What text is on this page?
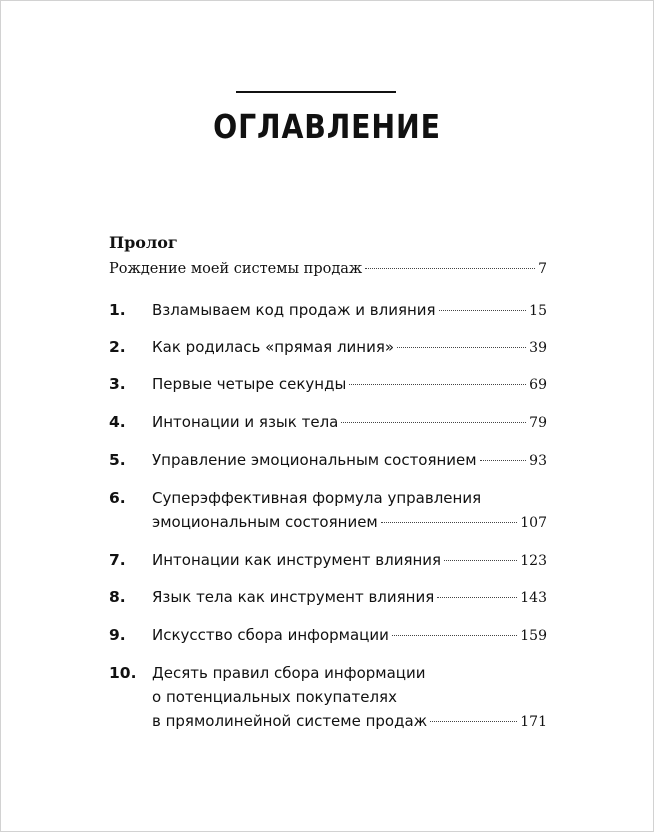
ОГЛАВЛЕНИЕ
Пролог
Рождение моей системы продаж	7
1.	Взламываем код продаж и влияния	15
2.	Как родилась «прямая линия»	39
3.	Первые четыре секунды	69
4.	Интонации и язык тела	79
5.	Управление эмоциональным состоянием	93
6.	Суперэффективная формула управления
эмоциональным состоянием	107
7.	Интонации как инструмент влияния	123
8.	Язык тела как инструмент влияния	143
9.	Искусство сбора информации	159
10.	Десять правил сбора информации
о потенциальных покупателях
в прямолинейной системе продаж	171
